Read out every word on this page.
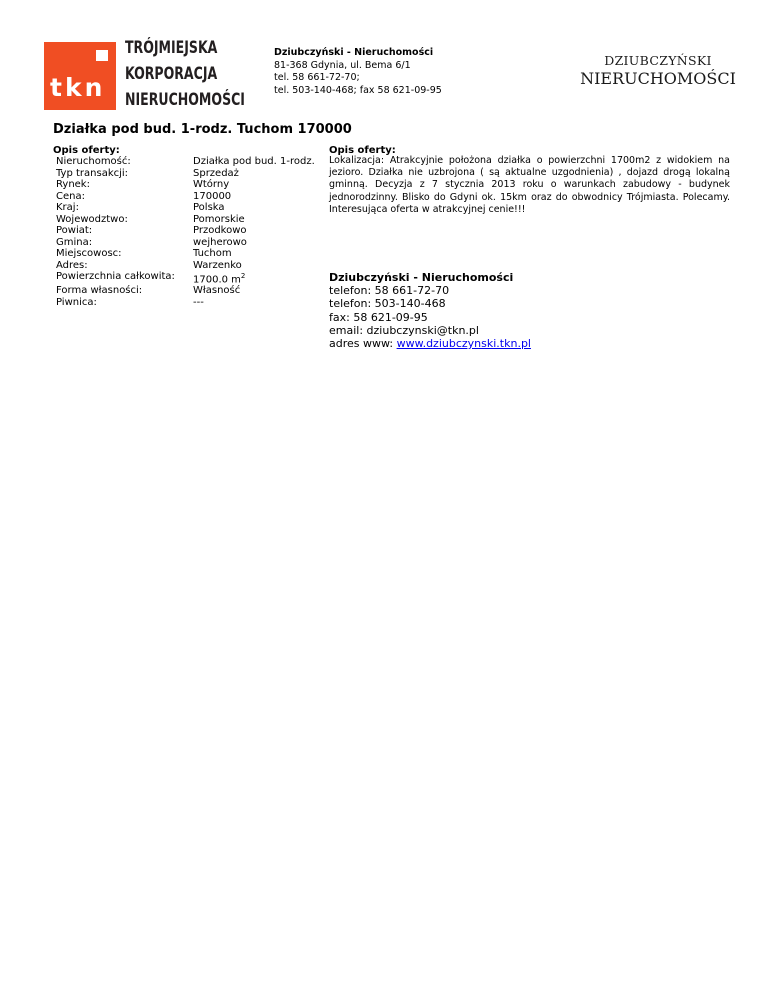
tkn
TRÓJMIEJSKA
KORPORACJA
NIERUCHOMOŚCI
Dziubczyński - Nieruchomości
81-368 Gdynia, ul. Bema 6/1
tel. 58 661-72-70;
tel. 503-140-468; fax 58 621-09-95
DZIUBCZYŃSKI
NIERUCHOMOŚCI
Działka pod bud. 1-rodz. Tuchom 170000
Opis oferty:	Opis oferty:
Nieruchomość:
Typ transakcji:
Rynek:
Cena:
Kraj:
Wojewodztwo:
Powiat:
Gmina:
Miejscowosc:
Adres:
Powierzchnia całkowita:
Forma własności:
Piwnica:
Działka pod bud. 1-rodz.
Sprzedaż
Wtórny
170000
Polska
Pomorskie
Przodkowo
wejherowo
Tuchom
Warzenko
1700.0 $m^2$
Własność
---
Lokalizacja: Atrakcyjnie położona działka o powierzchni 1700m2 z widokiem na jezioro. Działka nie uzbrojona ( są aktualne uzgodnienia) , dojazd drogą lokalną gminną. Decyzja z 7 stycznia 2013 roku o warunkach zabudowy - budynek jednorodzinny. Blisko do Gdyni ok. 15km oraz do obwodnicy Trójmiasta. Polecamy. Interesująca oferta w atrakcyjnej cenie!!!
Dziubczyński - Nieruchomości
telefon: 58 661-72-70
telefon: 503-140-468
fax: 58 621-09-95
email: dziubczynski@tkn.pl
adres www: www.dziubczynski.tkn.pl
